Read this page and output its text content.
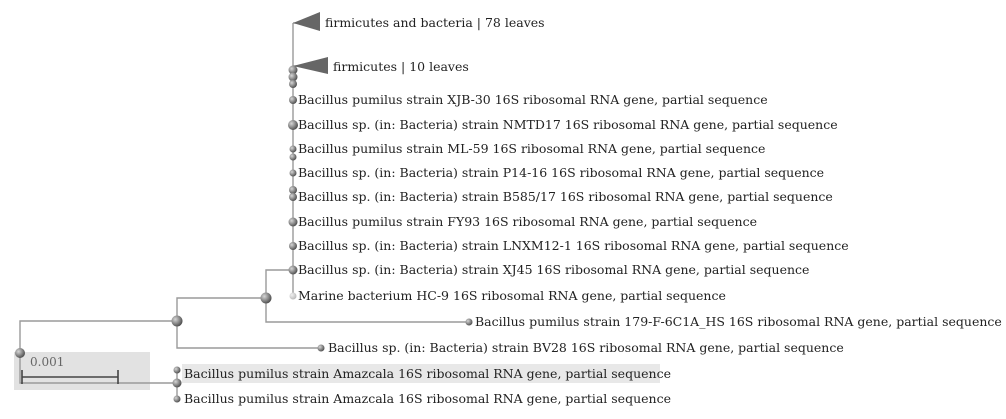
firmicutes and bacteria | 78 leaves
firmicutes | 10 leaves
Bacillus pumilus strain XJB-30 16S ribosomal RNA gene, partial sequence
Bacillus sp. (in: Bacteria) strain NMTD17 16S ribosomal RNA gene, partial sequence
Bacillus pumilus strain ML-59 16S ribosomal RNA gene, partial sequence
Bacillus sp. (in: Bacteria) strain P14-16 16S ribosomal RNA gene, partial sequence
Bacillus sp. (in: Bacteria) strain B585/17 16S ribosomal RNA gene, partial sequence
Bacillus pumilus strain FY93 16S ribosomal RNA gene, partial sequence
Bacillus sp. (in: Bacteria) strain LNXM12-1 16S ribosomal RNA gene, partial sequence
Bacillus sp. (in: Bacteria) strain XJ45 16S ribosomal RNA gene, partial sequence
Marine bacterium HC-9 16S ribosomal RNA gene, partial sequence
Bacillus pumilus strain 179-F-6C1A_HS 16S ribosomal RNA gene, partial sequence
Bacillus sp. (in: Bacteria) strain BV28 16S ribosomal RNA gene, partial sequence
Bacillus pumilus strain Amazcala 16S ribosomal RNA gene, partial sequence
Bacillus pumilus strain Amazcala 16S ribosomal RNA gene, partial sequence
0.001
